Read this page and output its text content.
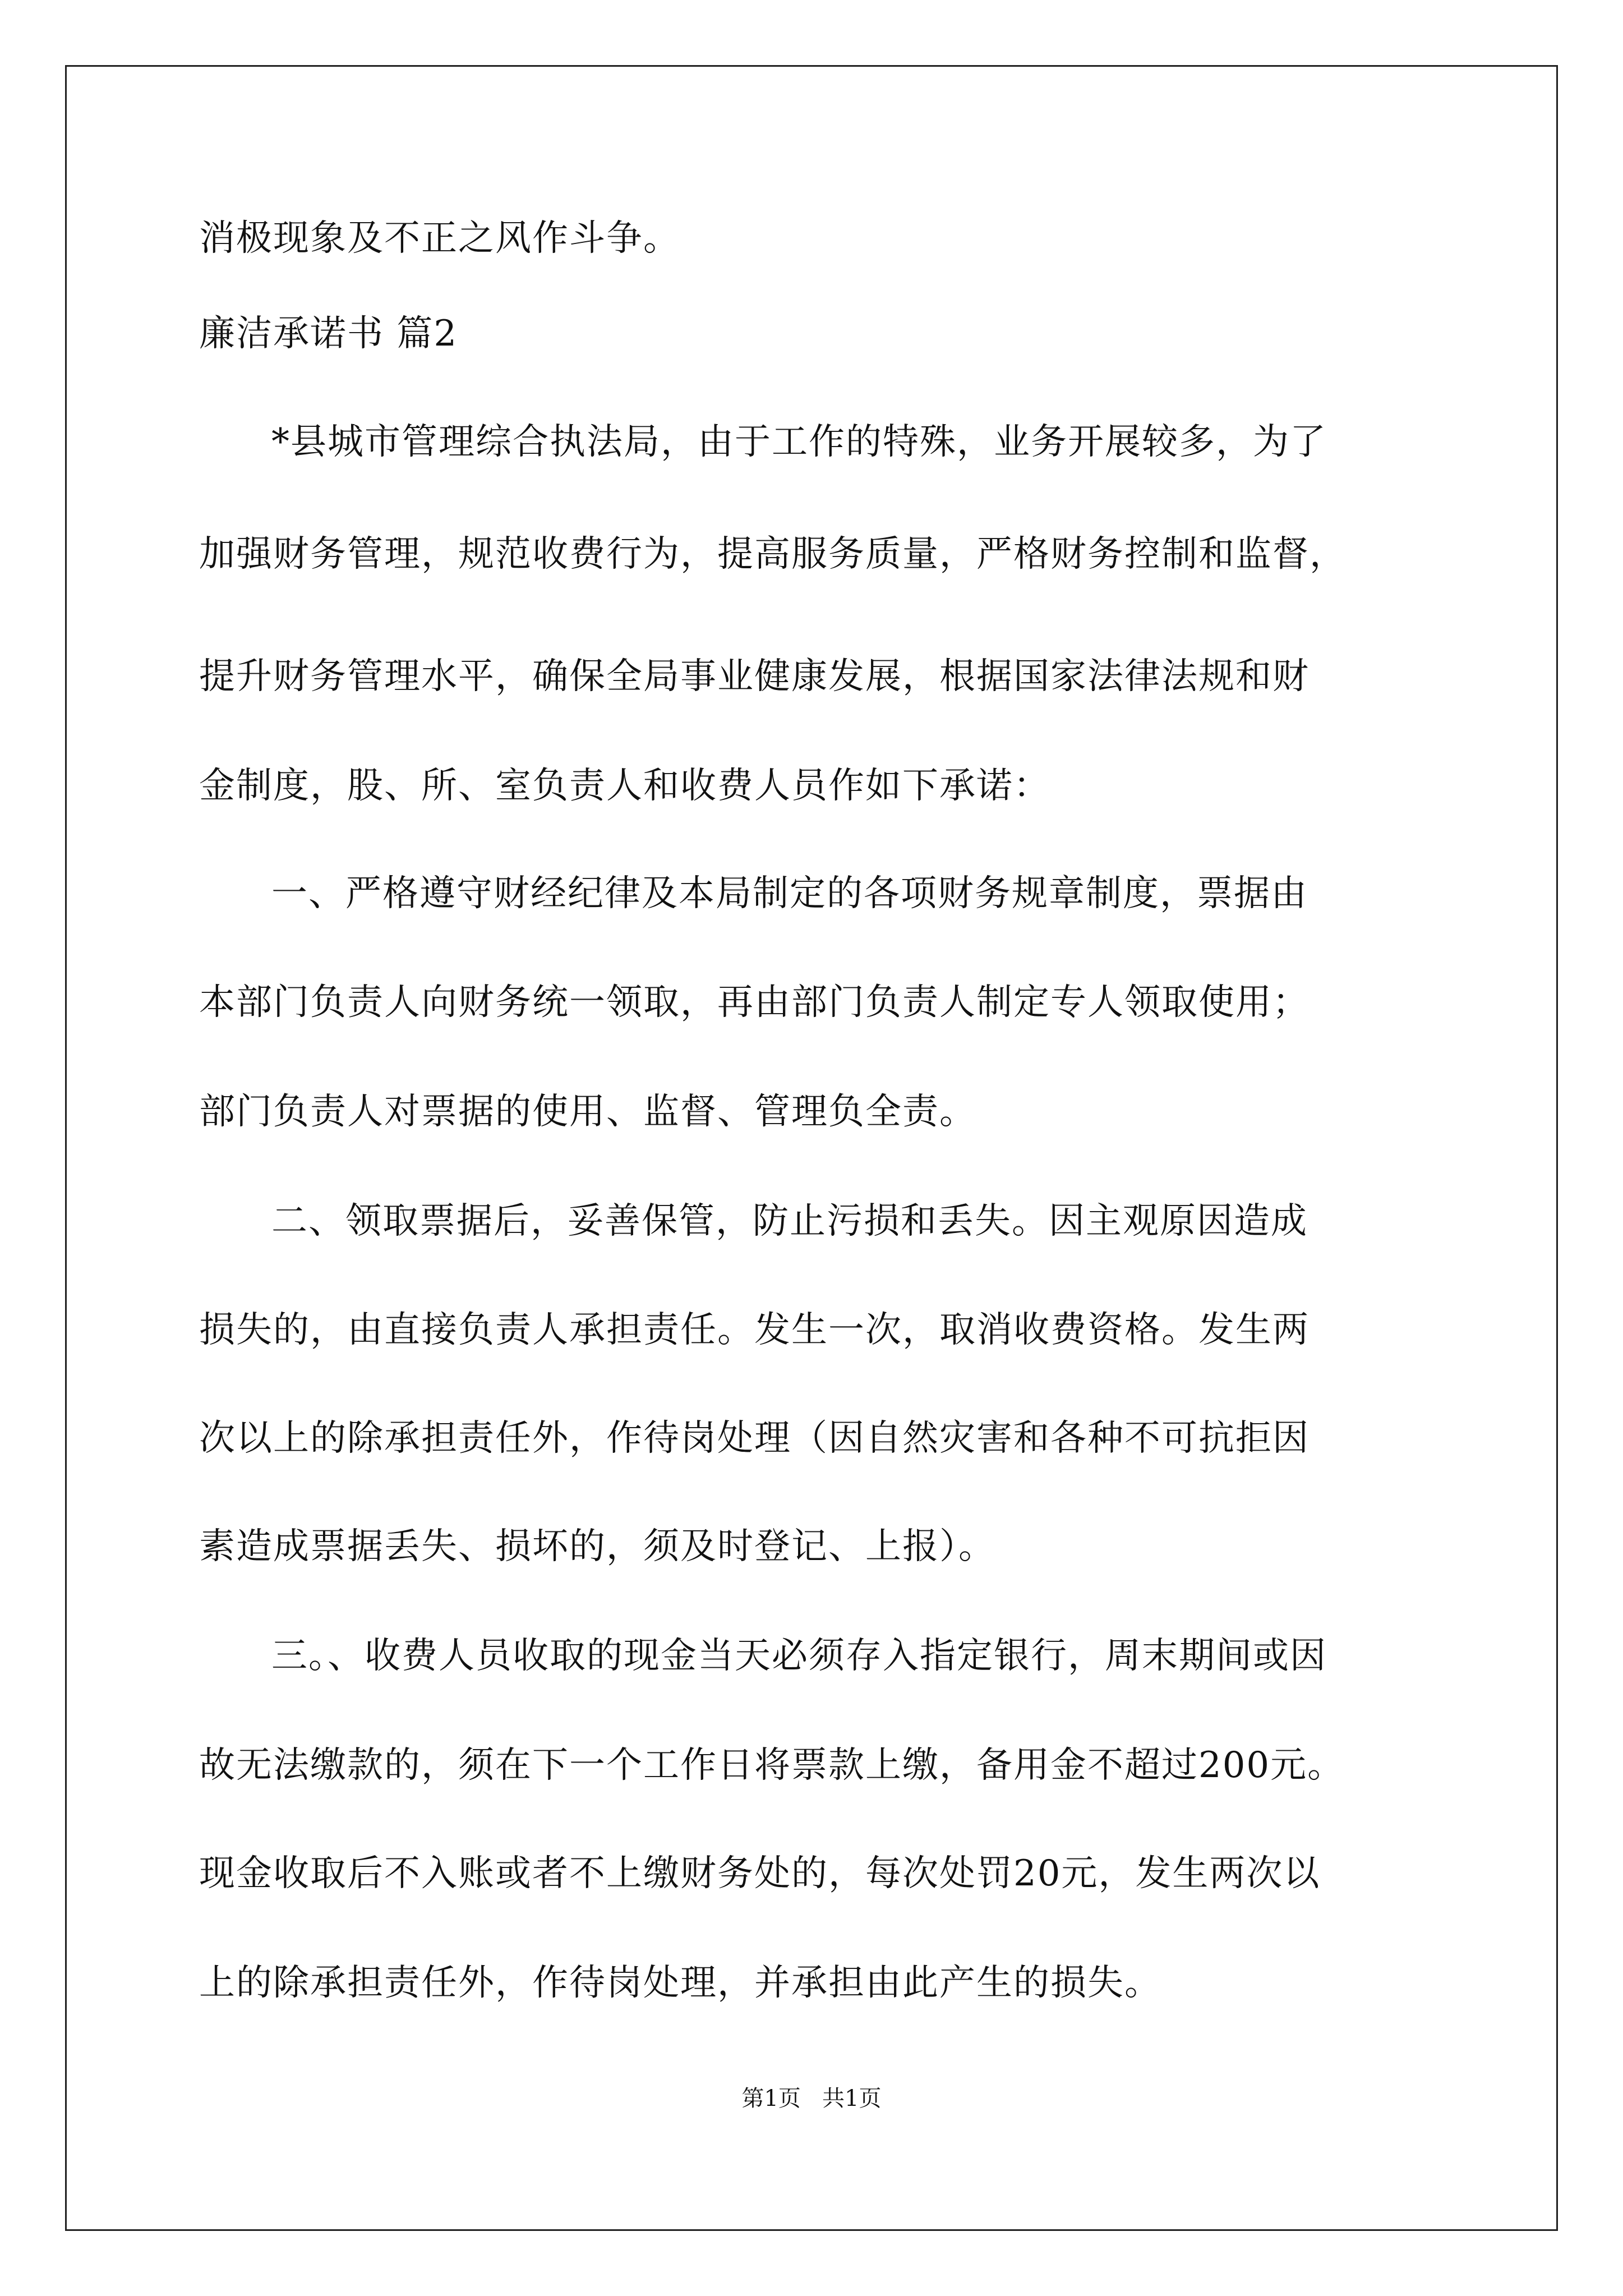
消极现象及不正之风作斗争。
廉洁承诺书 篇2
*县城市管理综合执法局，由于工作的特殊，业务开展较多，为了
加强财务管理，规范收费行为，提高服务质量，严格财务控制和监督，
提升财务管理水平，确保全局事业健康发展，根据国家法律法规和财
金制度，股、所、室负责人和收费人员作如下承诺：
一、严格遵守财经纪律及本局制定的各项财务规章制度，票据由
本部门负责人向财务统一领取，再由部门负责人制定专人领取使用；
部门负责人对票据的使用、监督、管理负全责。
二、领取票据后，妥善保管，防止污损和丢失。因主观原因造成
损失的，由直接负责人承担责任。发生一次，取消收费资格。发生两
次以上的除承担责任外，作待岗处理（因自然灾害和各种不可抗拒因
素造成票据丢失、损坏的，须及时登记、上报）。
三。、收费人员收取的现金当天必须存入指定银行，周末期间或因
故无法缴款的，须在下一个工作日将票款上缴，备用金不超过200元。
现金收取后不入账或者不上缴财务处的，每次处罚20元，发生两次以
上的除承担责任外，作待岗处理，并承担由此产生的损失。
第1页   共1页
